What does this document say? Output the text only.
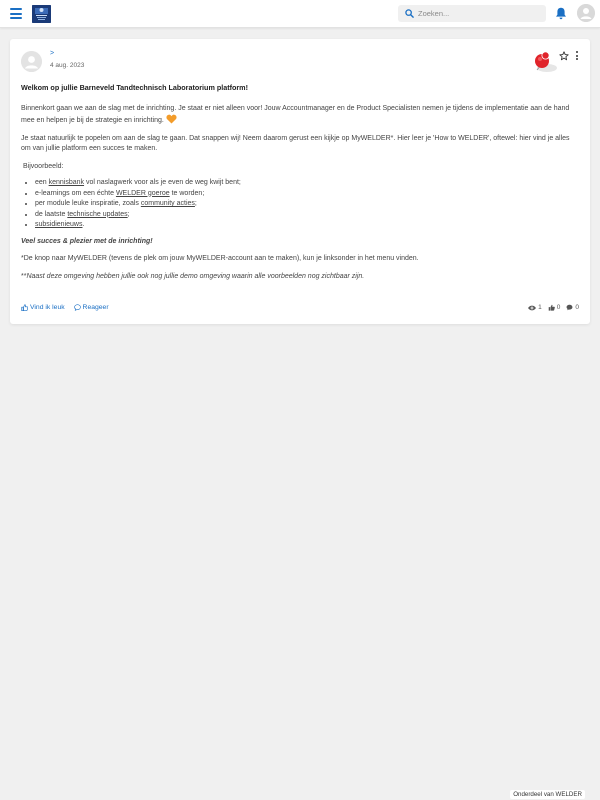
Zoeken...
>
4 aug. 2023
Welkom op jullie Barneveld Tandtechnisch Laboratorium platform!

Binnenkort gaan we aan de slag met de inrichting. Je staat er niet alleen voor! Jouw Accountmanager en de Product Specialisten nemen je tijdens de implementatie aan de hand mee en helpen je bij de strategie en inrichting.

Je staat natuurlijk te popelen om aan de slag te gaan. Dat snappen wij! Neem daarom gerust een kijkje op MyWELDER*. Hier leer je 'How to WELDER', oftewel: hier vind je alles om van jullie platform een succes te maken.

Bijvoorbeeld:

• een kennisbank vol naslagwerk voor als je even de weg kwijt bent;
• e-learnings om een échte WELDER goeroe te worden;
• per module leuke inspiratie, zoals community acties;
• de laatste technische updates;
• subsidienieuws.

Veel succes & plezier met de inrichting!

*De knop naar MyWELDER (tevens de plek om jouw MyWELDER-account aan te maken), kun je linksonder in het menu vinden.

**Naast deze omgeving hebben jullie ook nog jullie demo omgeving waarin alle voorbeelden nog zichtbaar zijn.

Vind ik leuk
	Reageer	1 0 0
Onderdeel van WELDER
